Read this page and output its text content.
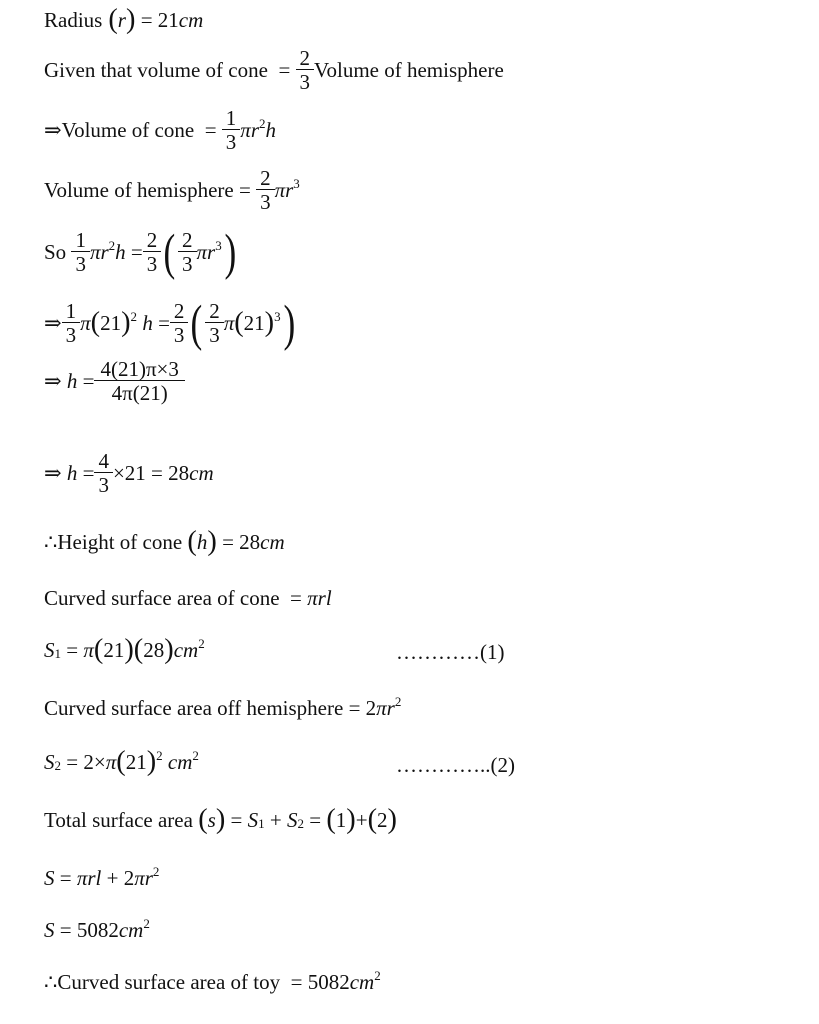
Radius ( r ) = 21 cm
Given that volume of cone = $\frac{2}{3}$ Volume of hemisphere
⇒ Volume of cone = $\frac{1}{3}$ πr 2 h
Volume of hemisphere = $\frac{2}{3}$ πr 3
So
$\frac{1}{3}$ πr 2 $h = \frac{2}{3}$ ( $\frac{2}{3}$ πr 3 )
⇒ $\frac{1}{3}$ π ( 21 ) 2
$h = \frac{2}{3}$ ( $\frac{2}{3}$ π ( 21 ) 3 )
⇒ $h = \frac{4(21)\pi\times 3}{4\pi(21)}$
⇒ $h = \frac{4}{3} \times 21 = 28$ cm
∴ Height of cone
( h ) = 28 cm
Curved surface area of cone = πrl
S 1 = π ( 21 ) ( 28 ) cm 2	…………(1)
Curved surface area off hemisphere = 2 πr 2
S 2 = 2 × π ( 21 ) 2
cm 2	…………..(2)
Total surface area
( s ) = S 1 + S 2 = ( 1 ) + ( 2 )
S = πrl + 2 πr 2
S = 5082 cm 2
∴ Curved surface area of toy = 5082 cm 2
